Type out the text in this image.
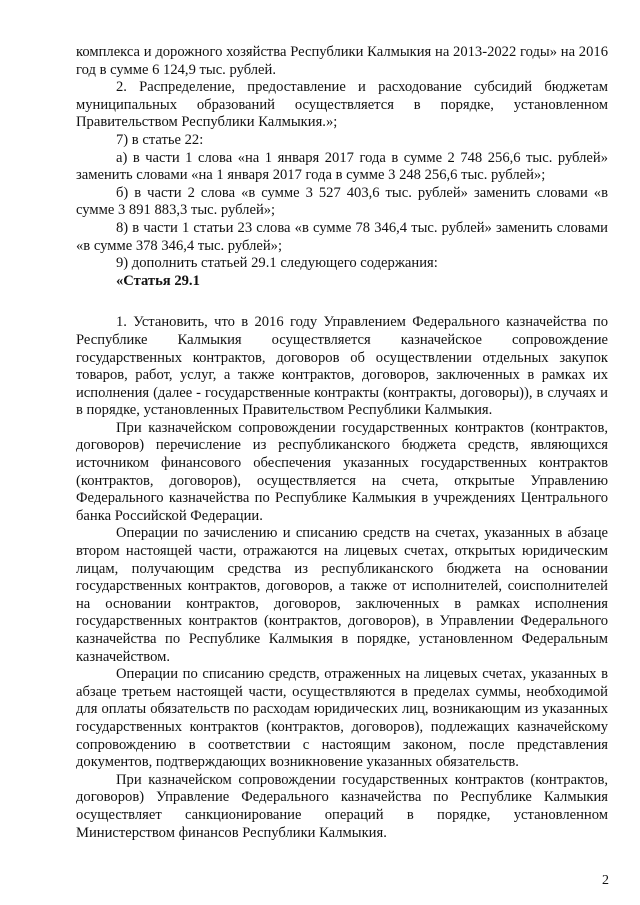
комплекса и дорожного хозяйства Республики Калмыкия на 2013-2022 годы» на 2016 год в сумме 6 124,9 тыс. рублей.

2. Распределение, предоставление и расходование субсидий бюджетам муниципальных образований осуществляется в порядке, установленном Правительством Республики Калмыкия.»;

7) в статье 22:

а) в части 1 слова «на 1 января 2017 года в сумме 2 748 256,6 тыс. рублей» заменить словами «на 1 января 2017 года в сумме 3 248 256,6 тыс. рублей»;

б) в части 2 слова «в сумме 3 527 403,6 тыс. рублей» заменить словами «в сумме 3 891 883,3 тыс. рублей»;

8) в части 1 статьи 23 слова «в сумме 78 346,4 тыс. рублей» заменить словами «в сумме 378 346,4 тыс. рублей»;

9) дополнить статьей 29.1 следующего содержания:

«Статья 29.1

1. Установить, что в 2016 году Управлением Федерального казначейства по Республике Калмыкия осуществляется казначейское сопровождение государственных контрактов, договоров об осуществлении отдельных закупок товаров, работ, услуг, а также контрактов, договоров, заключенных в рамках их исполнения (далее - государственные контракты (контракты, договоры)), в случаях и в порядке, установленных Правительством Республики Калмыкия.

При казначейском сопровождении государственных контрактов (контрактов, договоров) перечисление из республиканского бюджета средств, являющихся источником финансового обеспечения указанных государственных контрактов (контрактов, договоров), осуществляется на счета, открытые Управлению Федерального казначейства по Республике Калмыкия в учреждениях Центрального банка Российской Федерации.

Операции по зачислению и списанию средств на счетах, указанных в абзаце втором настоящей части, отражаются на лицевых счетах, открытых юридическим лицам, получающим средства из республиканского бюджета на основании государственных контрактов, договоров, а также от исполнителей, соисполнителей на основании контрактов, договоров, заключенных в рамках исполнения государственных контрактов (контрактов, договоров), в Управлении Федерального казначейства по Республике Калмыкия в порядке, установленном Федеральным казначейством.

Операции по списанию средств, отраженных на лицевых счетах, указанных в абзаце третьем настоящей части, осуществляются в пределах суммы, необходимой для оплаты обязательств по расходам юридических лиц, возникающим из указанных государственных контрактов (контрактов, договоров), подлежащих казначейскому сопровождению в соответствии с настоящим законом, после представления документов, подтверждающих возникновение указанных обязательств.

При казначейском сопровождении государственных контрактов (контрактов, договоров) Управление Федерального казначейства по Республике Калмыкия осуществляет санкционирование операций в порядке, установленном Министерством финансов Республики Калмыкия.

2
